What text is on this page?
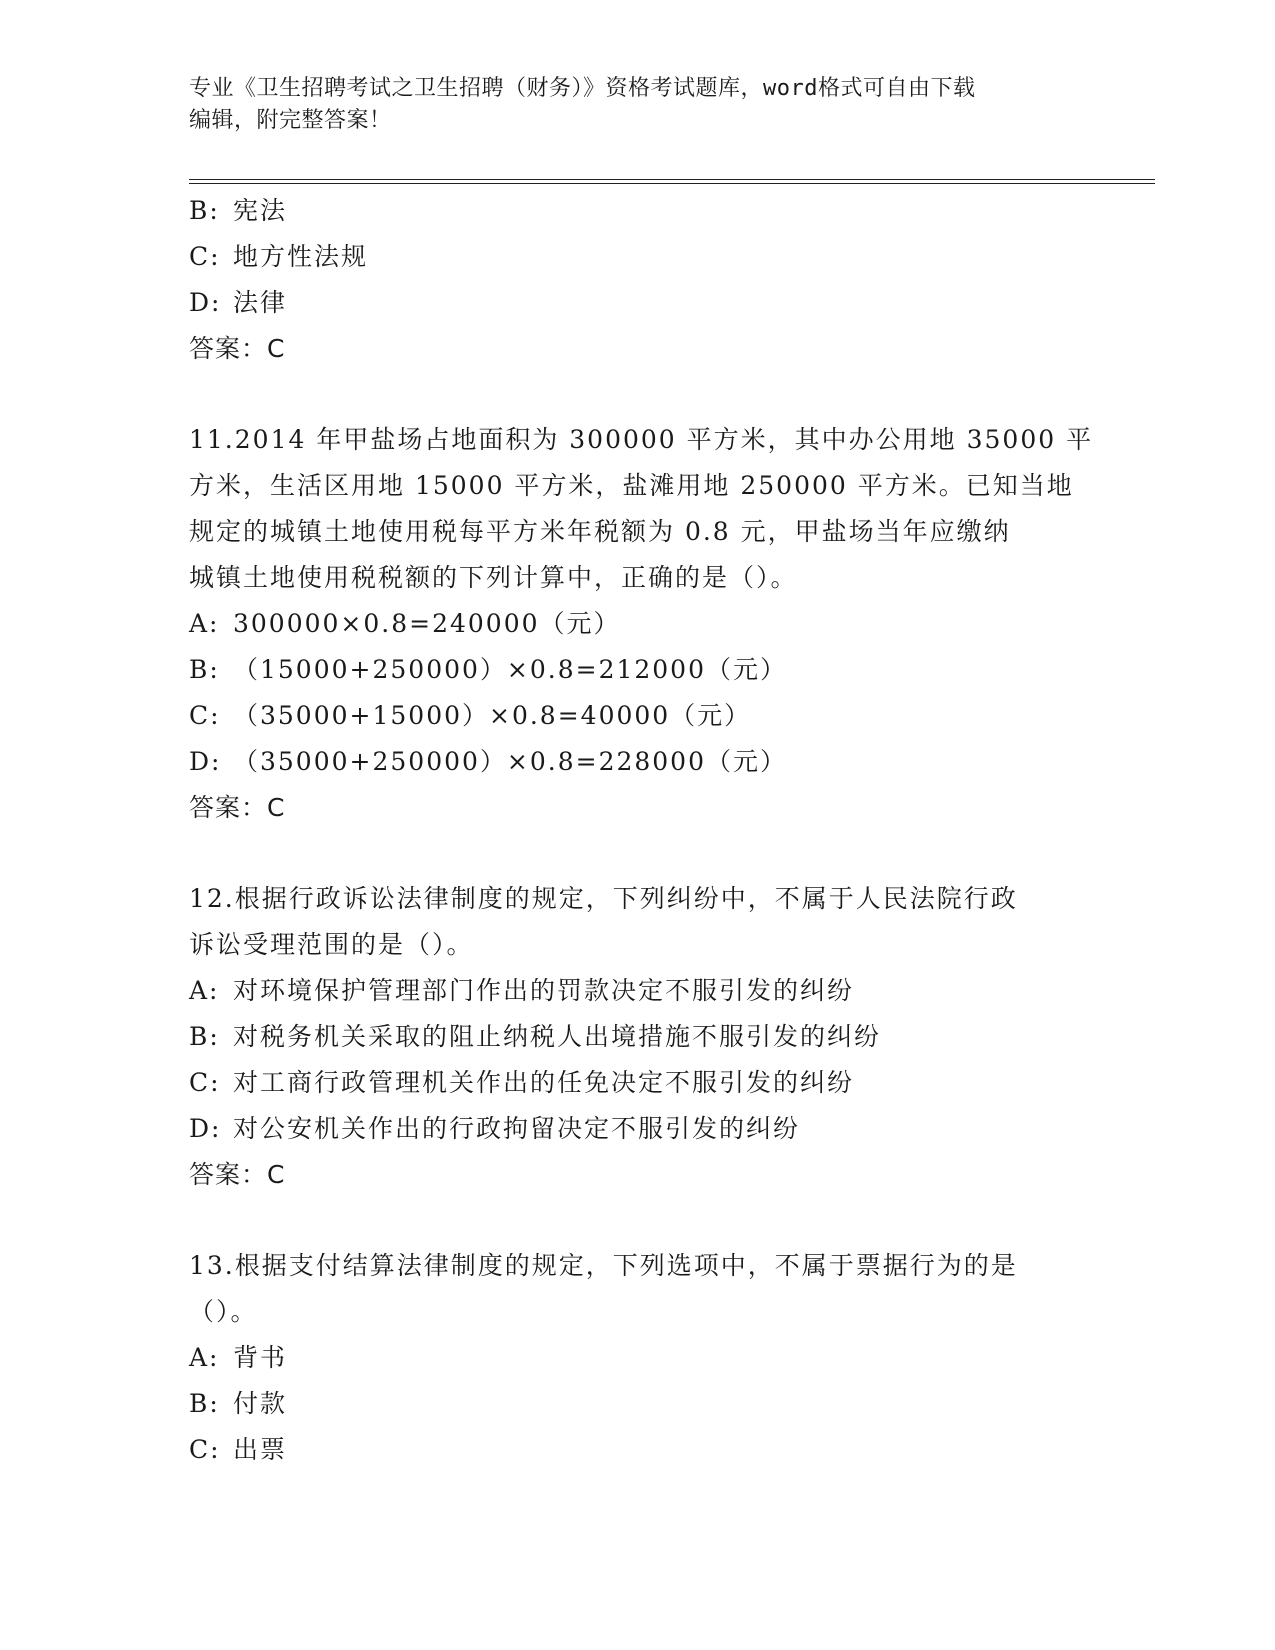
专业《卫生招聘考试之卫生招聘（财务）》资格考试题库，word格式可自由下载
编辑，附完整答案！
B: 宪法
C: 地方性法规
D: 法律
答案：C
11.2014 年甲盐场占地面积为 300000 平方米，其中办公用地 35000 平
方米，生活区用地 15000 平方米，盐滩用地 250000 平方米。已知当地
规定的城镇土地使用税每平方米年税额为 0.8 元，甲盐场当年应缴纳
城镇土地使用税税额的下列计算中，正确的是（）。
A: 300000×0.8=240000（元）
B: （15000+250000）×0.8=212000（元）
C: （35000+15000）×0.8=40000（元）
D: （35000+250000）×0.8=228000（元）
答案：C
12.根据行政诉讼法律制度的规定，下列纠纷中，不属于人民法院行政
诉讼受理范围的是（）。
A: 对环境保护管理部门作出的罚款决定不服引发的纠纷
B: 对税务机关采取的阻止纳税人出境措施不服引发的纠纷
C: 对工商行政管理机关作出的任免决定不服引发的纠纷
D: 对公安机关作出的行政拘留决定不服引发的纠纷
答案：C
13.根据支付结算法律制度的规定，下列选项中，不属于票据行为的是
（）。
A: 背书
B: 付款
C: 出票
